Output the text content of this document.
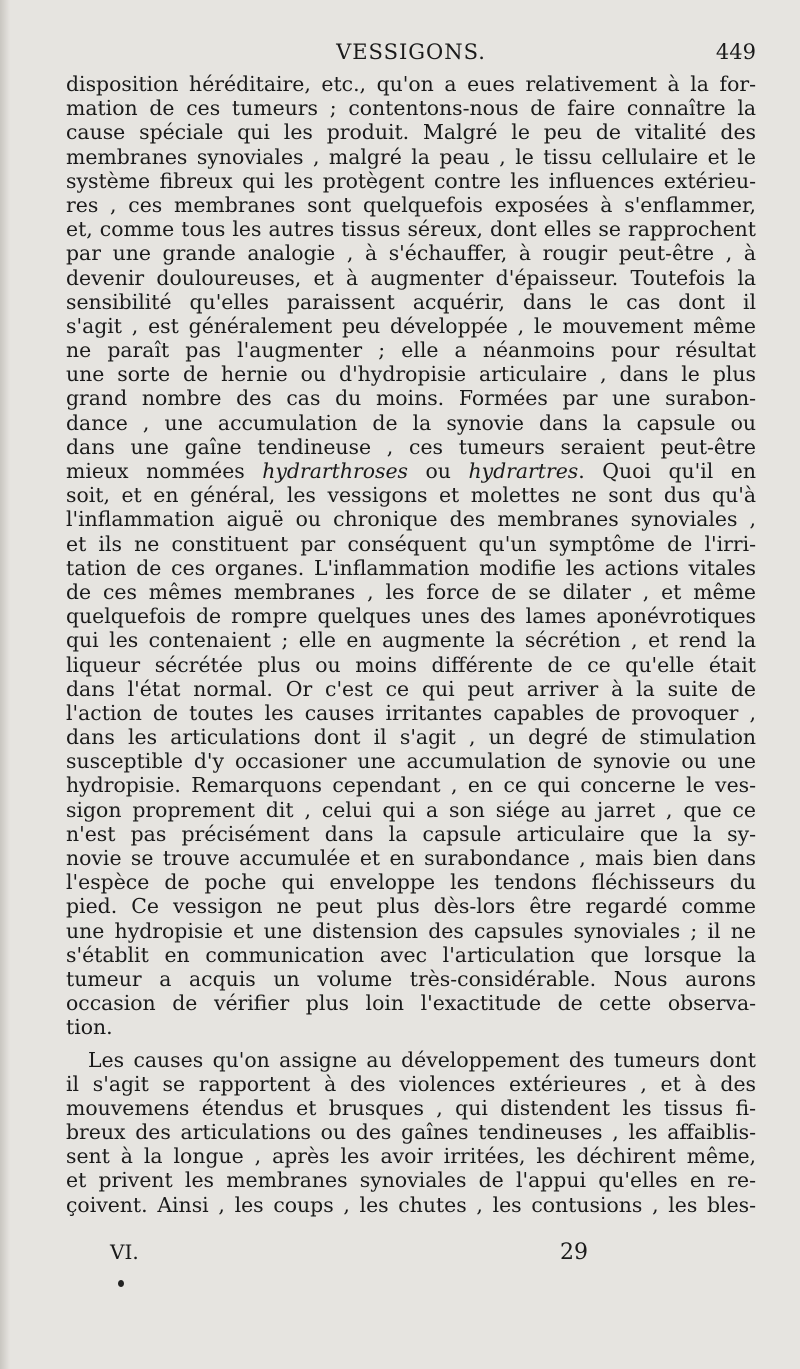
VESSIGONS.	449
disposition héréditaire, etc., qu'on a eues relativement à la for-
mation de ces tumeurs ; contentons-nous de faire connaître la
cause spéciale qui les produit. Malgré le peu de vitalité des
membranes synoviales , malgré la peau , le tissu cellulaire et le
système fibreux qui les protègent contre les influences extérieu-
res , ces membranes sont quelquefois exposées à s'enflammer,
et, comme tous les autres tissus séreux, dont elles se rapprochent
par une grande analogie , à s'échauffer, à rougir peut-être , à
devenir douloureuses, et à augmenter d'épaisseur. Toutefois la
sensibilité qu'elles paraissent acquérir, dans le cas dont il
s'agit , est généralement peu développée , le mouvement même
ne paraît pas l'augmenter ; elle a néanmoins pour résultat
une sorte de hernie ou d'hydropisie articulaire , dans le plus
grand nombre des cas du moins. Formées par une surabon-
dance , une accumulation de la synovie dans la capsule ou
dans une gaîne tendineuse , ces tumeurs seraient peut-être
mieux nommées hydrarthroses ou hydrartres. Quoi qu'il en
soit, et en général, les vessigons et molettes ne sont dus qu'à
l'inflammation aiguë ou chronique des membranes synoviales ,
et ils ne constituent par conséquent qu'un symptôme de l'irri-
tation de ces organes. L'inflammation modifie les actions vitales
de ces mêmes membranes , les force de se dilater , et même
quelquefois de rompre quelques unes des lames aponévrotiques
qui les contenaient ; elle en augmente la sécrétion , et rend la
liqueur sécrétée plus ou moins différente de ce qu'elle était
dans l'état normal. Or c'est ce qui peut arriver à la suite de
l'action de toutes les causes irritantes capables de provoquer ,
dans les articulations dont il s'agit , un degré de stimulation
susceptible d'y occasioner une accumulation de synovie ou une
hydropisie. Remarquons cependant , en ce qui concerne le ves-
sigon proprement dit , celui qui a son siége au jarret , que ce
n'est pas précisément dans la capsule articulaire que la sy-
novie se trouve accumulée et en surabondance , mais bien dans
l'espèce de poche qui enveloppe les tendons fléchisseurs du
pied. Ce vessigon ne peut plus dès-lors être regardé comme
une hydropisie et une distension des capsules synoviales ; il ne
s'établit en communication avec l'articulation que lorsque la
tumeur a acquis un volume très-considérable. Nous aurons
occasion de vérifier plus loin l'exactitude de cette observa-
tion.
Les causes qu'on assigne au développement des tumeurs dont
il s'agit se rapportent à des violences extérieures , et à des
mouvemens étendus et brusques , qui distendent les tissus fi-
breux des articulations ou des gaînes tendineuses , les affaiblis-
sent à la longue , après les avoir irritées, les déchirent même,
et privent les membranes synoviales de l'appui qu'elles en re-
çoivent. Ainsi , les coups , les chutes , les contusions , les bles-
VI.	29
